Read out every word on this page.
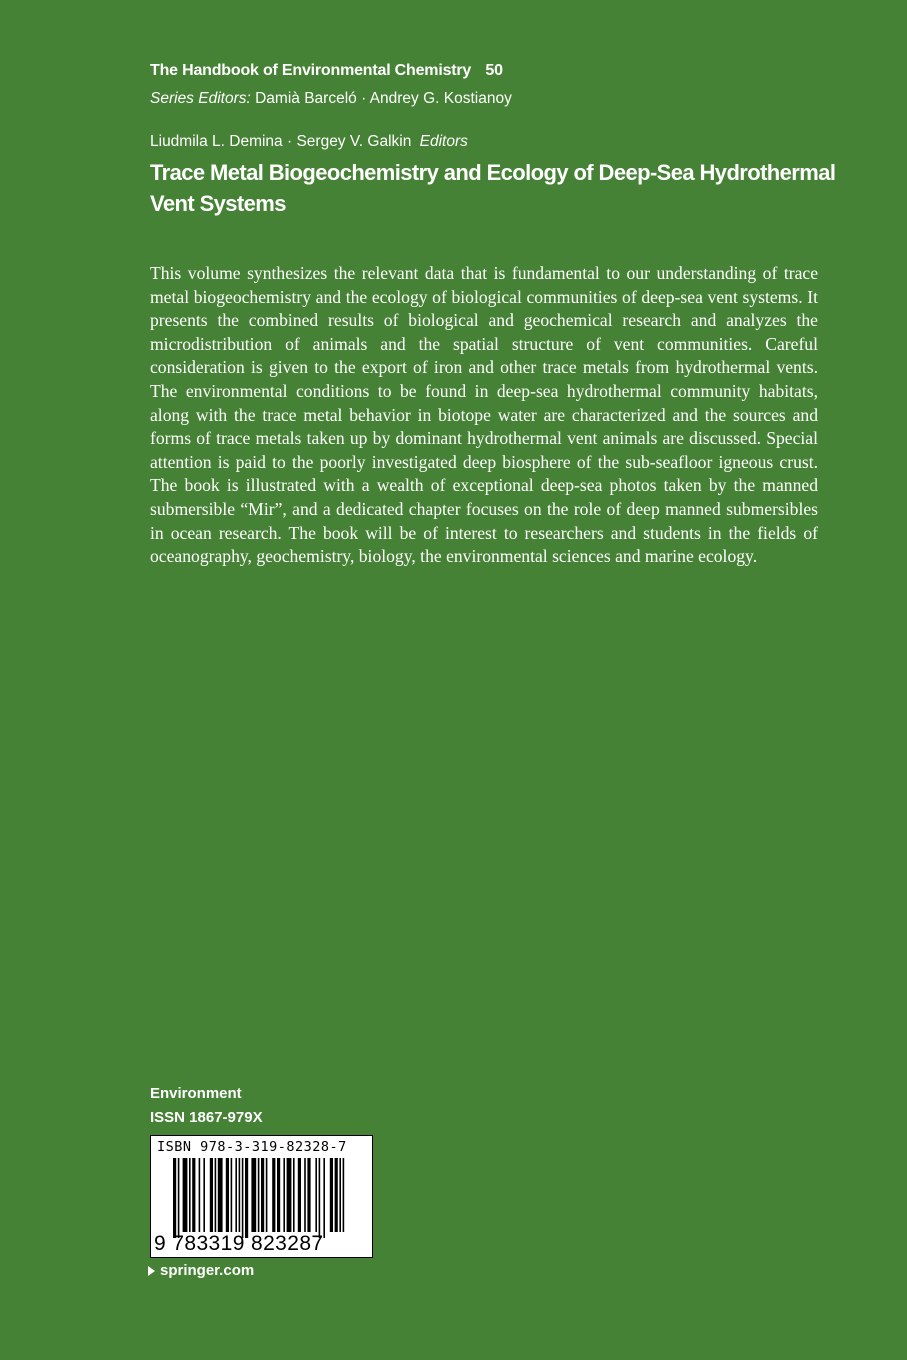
The Handbook of Environmental Chemistry 50
Series Editors: Damià Barceló · Andrey G. Kostianoy
Liudmila L. Demina · Sergey V. Galkin Editors
Trace Metal Biogeochemistry and Ecology of Deep-Sea Hydrothermal Vent Systems

This volume synthesizes the relevant data that is fundamental to our understanding of trace metal biogeochemistry and the ecology of biological communities of deep-sea vent systems. It presents the combined results of biological and geochemical research and analyzes the microdistribution of animals and the spatial structure of vent communities. Careful consideration is given to the export of iron and other trace metals from hydrothermal vents. The environmental conditions to be found in deep-sea hydrothermal community habitats, along with the trace metal behavior in biotope water are characterized and the sources and forms of trace metals taken up by dominant hydrothermal vent animals are discussed. Special attention is paid to the poorly investigated deep biosphere of the sub-seafloor igneous crust. The book is illustrated with a wealth of exceptional deep-sea photos taken by the manned submersible “Mir”, and a dedicated chapter focuses on the role of deep manned submersibles in ocean research. The book will be of interest to researchers and students in the fields of oceanography, geochemistry, biology, the environmental sciences and marine ecology.

Environment
ISSN 1867-979X
ISBN 978-3-319-82328-7
9 783319 823287
springer.com
